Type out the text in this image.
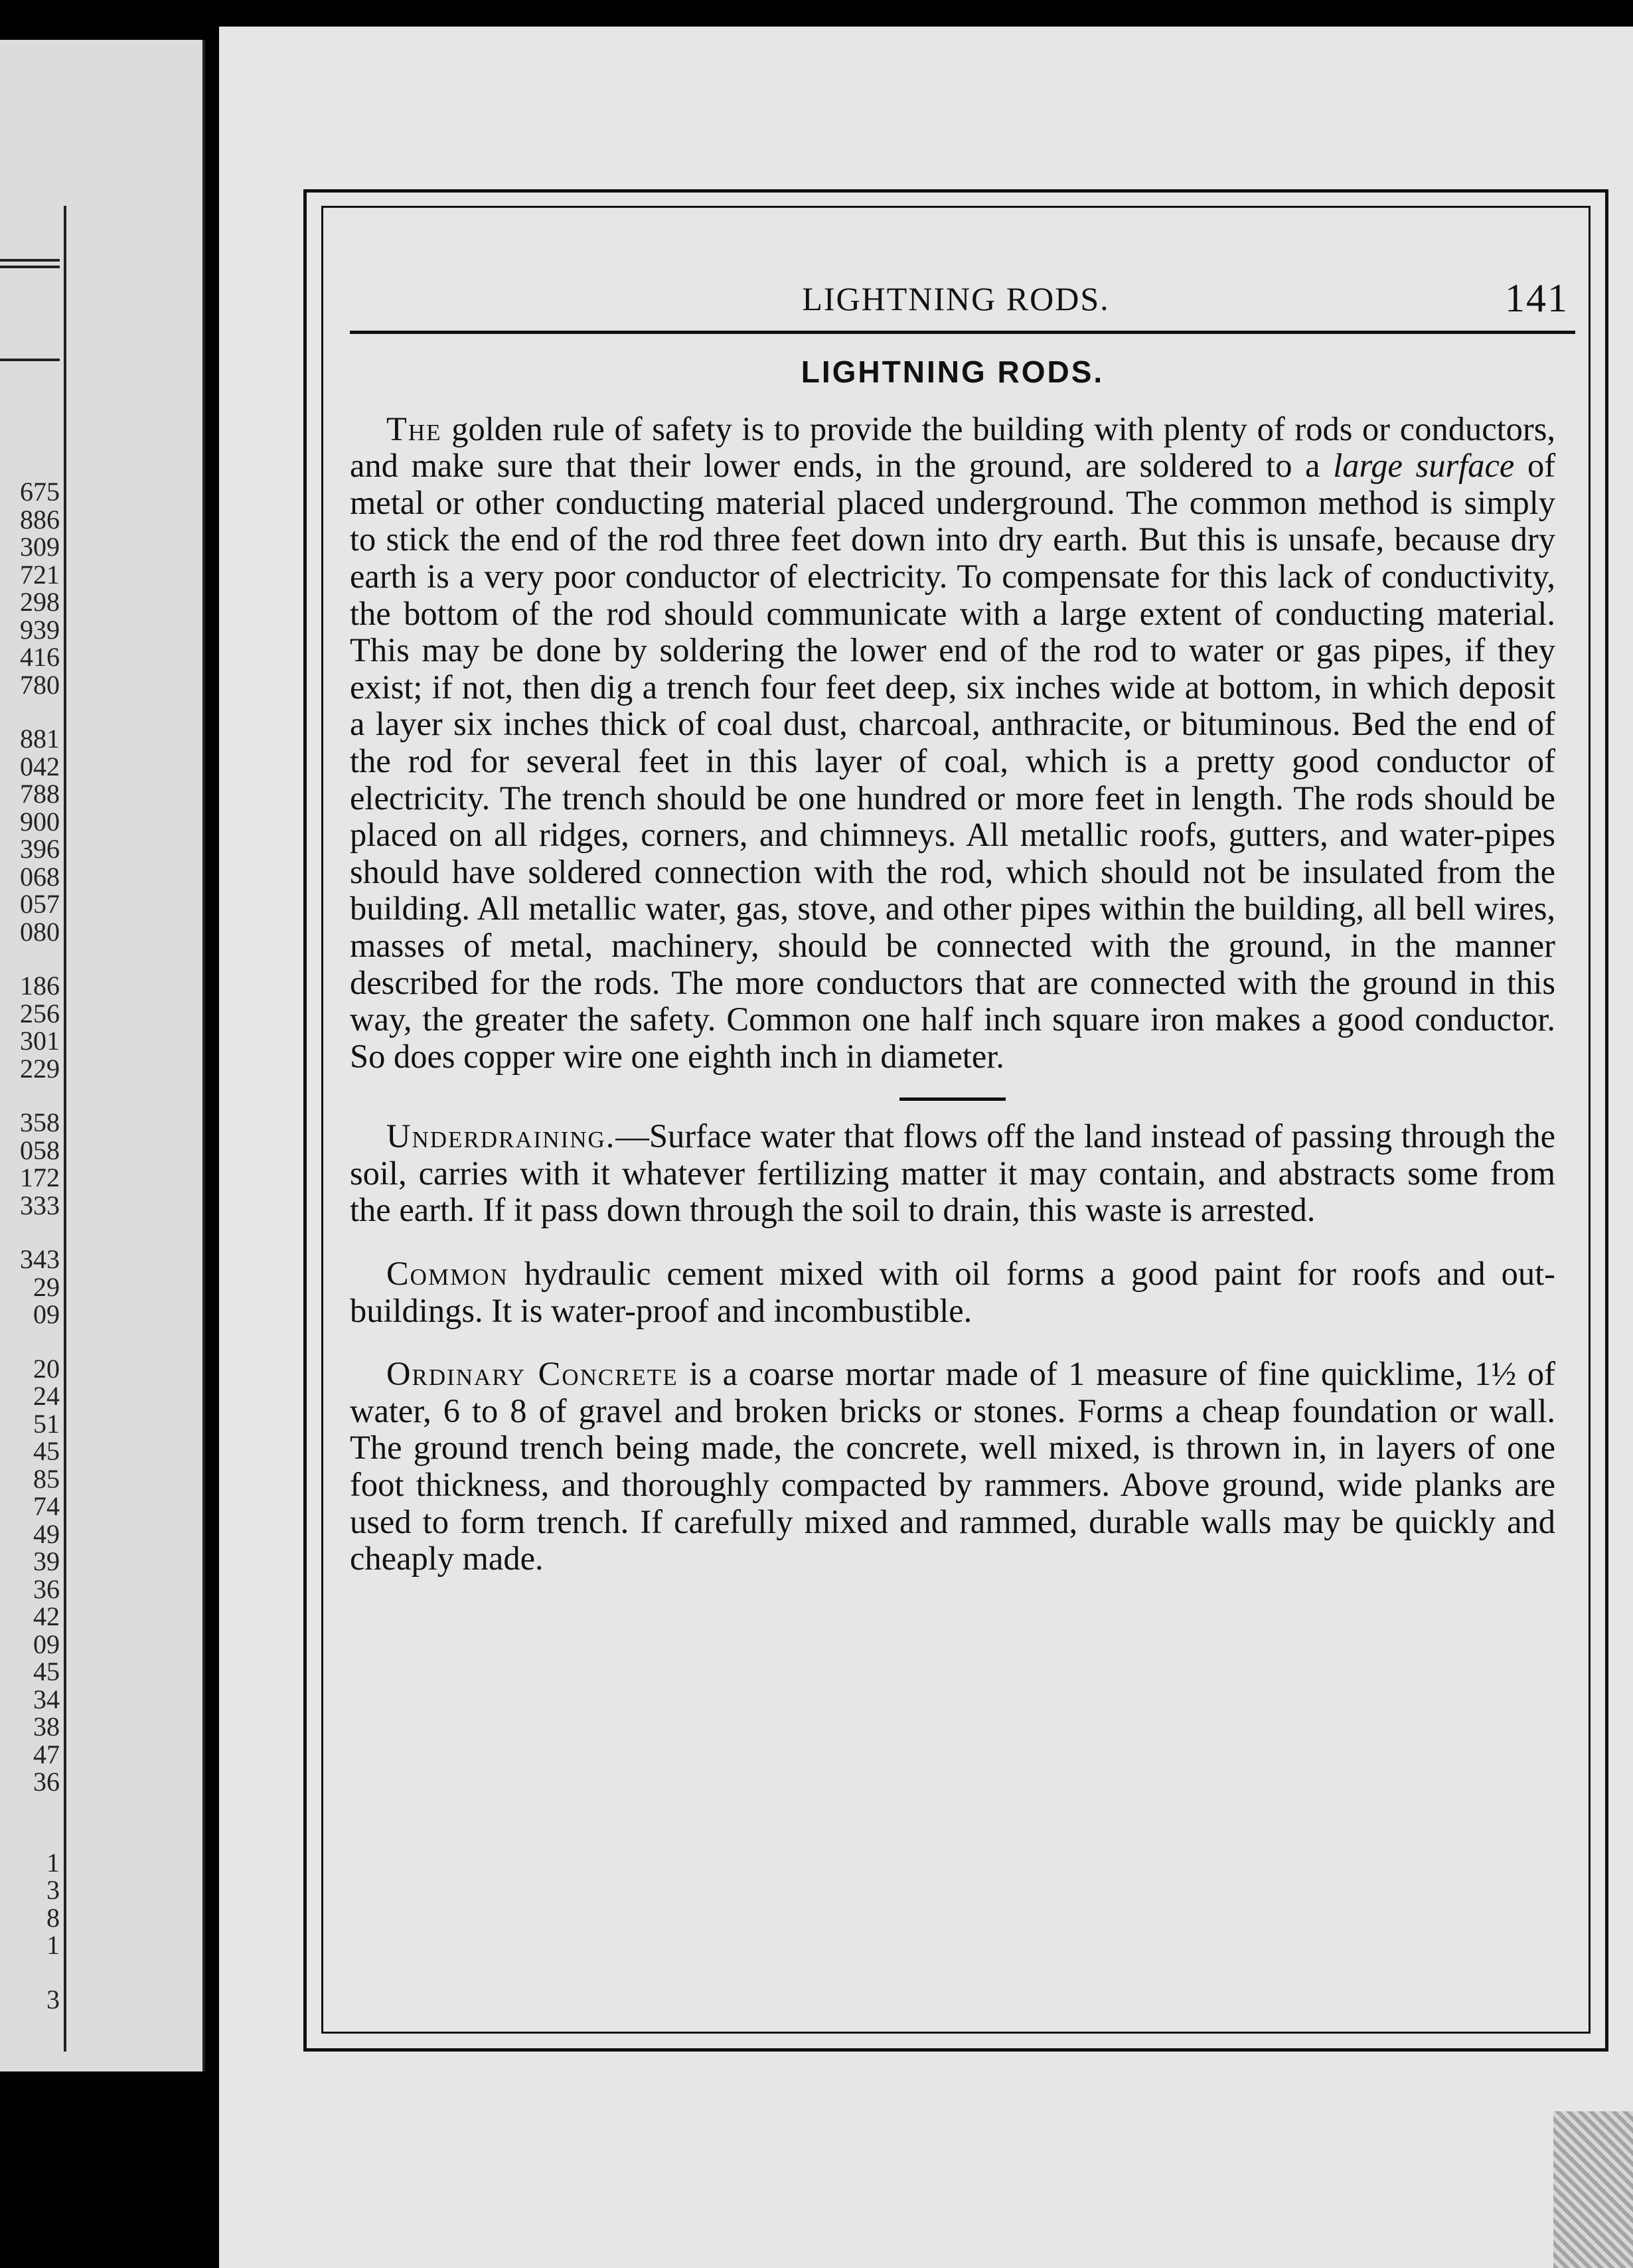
675
886
309
721
298
939
416
780

881
042
788
900
396
068
057
080

186
256
301
229

358
058
172
333

343
29
09

20
24
51
45
85
74
49
39
36
42
09
45
34
38
47
36

1
3
8
1

3
LIGHTNING RODS.	141
LIGHTNING RODS.

The golden rule of safety is to provide the building with plenty of rods or conductors, and make sure that their lower ends, in the ground, are soldered to a large surface of metal or other conducting material placed underground. The common method is simply to stick the end of the rod three feet down into dry earth. But this is unsafe, because dry earth is a very poor conductor of electricity. To compensate for this lack of conductivity, the bottom of the rod should communicate with a large extent of conducting material. This may be done by soldering the lower end of the rod to water or gas pipes, if they exist; if not, then dig a trench four feet deep, six inches wide at bottom, in which deposit a layer six inches thick of coal dust, charcoal, anthracite, or bituminous. Bed the end of the rod for several feet in this layer of coal, which is a pretty good conductor of electricity. The trench should be one hundred or more feet in length. The rods should be placed on all ridges, corners, and chimneys. All metallic roofs, gutters, and water-pipes should have soldered connection with the rod, which should not be insulated from the building. All metallic water, gas, stove, and other pipes within the building, all bell wires, masses of metal, machinery, should be connected with the ground, in the manner described for the rods. The more conductors that are connected with the ground in this way, the greater the safety. Common one half inch square iron makes a good conductor. So does copper wire one eighth inch in diameter.

Underdraining.—Surface water that flows off the land instead of passing through the soil, carries with it whatever fertilizing matter it may contain, and abstracts some from the earth. If it pass down through the soil to drain, this waste is arrested.

Common hydraulic cement mixed with oil forms a good paint for roofs and out-buildings. It is water-proof and incombustible.

Ordinary Concrete is a coarse mortar made of 1 measure of fine quicklime, 1½ of water, 6 to 8 of gravel and broken bricks or stones. Forms a cheap foundation or wall. The ground trench being made, the concrete, well mixed, is thrown in, in layers of one foot thickness, and thoroughly compacted by rammers. Above ground, wide planks are used to form trench. If carefully mixed and rammed, durable walls may be quickly and cheaply made.
